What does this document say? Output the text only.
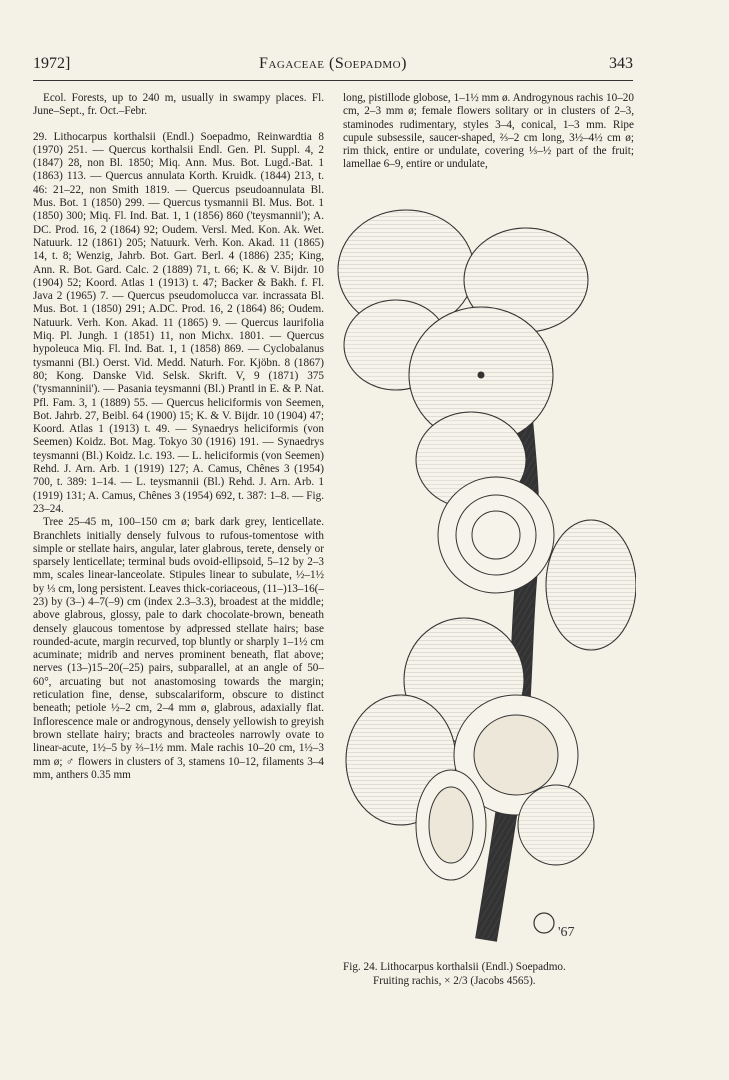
1972]	Fagaceae (Soepadmo)	343

Ecol. Forests, up to 240 m, usually in swampy places. Fl. June–Sept., fr. Oct.–Febr.

29. Lithocarpus korthalsii (Endl.) Soepadmo, Reinwardtia 8 (1970) 251. — Quercus korthalsii Endl. Gen. Pl. Suppl. 4, 2 (1847) 28, non Bl. 1850; Miq. Ann. Mus. Bot. Lugd.-Bat. 1 (1863) 113. — Quercus annulata Korth. Kruidk. (1844) 213, t. 46: 21–22, non Smith 1819. — Quercus pseudoannulata Bl. Mus. Bot. 1 (1850) 299. — Quercus tysmannii Bl. Mus. Bot. 1 (1850) 300; Miq. Fl. Ind. Bat. 1, 1 (1856) 860 ('teysmannii'); A. DC. Prod. 16, 2 (1864) 92; Oudem. Versl. Med. Kon. Ak. Wet. Natuurk. 12 (1861) 205; Natuurk. Verh. Kon. Akad. 11 (1865) 14, t. 8; Wenzig, Jahrb. Bot. Gart. Berl. 4 (1886) 235; King, Ann. R. Bot. Gard. Calc. 2 (1889) 71, t. 66; K. & V. Bijdr. 10 (1904) 52; Koord. Atlas 1 (1913) t. 47; Backer & Bakh. f. Fl. Java 2 (1965) 7. — Quercus pseudomolucca var. incrassata Bl. Mus. Bot. 1 (1850) 291; A.DC. Prod. 16, 2 (1864) 86; Oudem. Natuurk. Verh. Kon. Akad. 11 (1865) 9. — Quercus laurifolia Miq. Pl. Jungh. 1 (1851) 11, non Michx. 1801. — Quercus hypoleuca Miq. Fl. Ind. Bat. 1, 1 (1858) 869. — Cyclobalanus tysmanni (Bl.) Oerst. Vid. Medd. Naturh. For. Kjöbn. 8 (1867) 80; Kong. Danske Vid. Selsk. Skrift. V, 9 (1871) 375 ('tysmanninii'). — Pasania teysmanni (Bl.) Prantl in E. & P. Nat. Pfl. Fam. 3, 1 (1889) 55. — Quercus heliciformis von Seemen, Bot. Jahrb. 27, Beibl. 64 (1900) 15; K. & V. Bijdr. 10 (1904) 47; Koord. Atlas 1 (1913) t. 49. — Synaedrys heliciformis (von Seemen) Koidz. Bot. Mag. Tokyo 30 (1916) 191. — Synaedrys teysmanni (Bl.) Koidz. l.c. 193. — L. heliciformis (von Seemen) Rehd. J. Arn. Arb. 1 (1919) 127; A. Camus, Chênes 3 (1954) 700, t. 389: 1–14. — L. teysmannii (Bl.) Rehd. J. Arn. Arb. 1 (1919) 131; A. Camus, Chênes 3 (1954) 692, t. 387: 1–8. — Fig. 23–24.

Tree 25–45 m, 100–150 cm ø; bark dark grey, lenticellate. Branchlets initially densely fulvous to rufous-tomentose with simple or stellate hairs, angular, later glabrous, terete, densely or sparsely lenticellate; terminal buds ovoid-ellipsoid, 5–12 by 2–3 mm, scales linear-lanceolate. Stipules linear to subulate, ½–1½ by ⅓ cm, long persistent. Leaves thick-coriaceous, (11–)13–16(–23) by (3–) 4–7(–9) cm (index 2.3–3.3), broadest at the middle; above glabrous, glossy, pale to dark chocolate-brown, beneath densely glaucous tomentose by adpressed stellate hairs; base rounded-acute, margin recurved, top bluntly or sharply 1–1½ cm acuminate; midrib and nerves prominent beneath, flat above; nerves (13–)15–20(–25) pairs, subparallel, at an angle of 50–60°, arcuating but not anastomosing towards the margin; reticulation fine, dense, subscalariform, obscure to distinct beneath; petiole ½–2 cm, 2–4 mm ø, glabrous, adaxially flat. Inflorescence male or androgynous, densely yellowish to greyish brown stellate hairy; bracts and bracteoles narrowly ovate to linear-acute, 1½–5 by ⅔–1½ mm. Male rachis 10–20 cm, 1½–3 mm ø; ♂ flowers in clusters of 3, stamens 10–12, filaments 3–4 mm, anthers 0.35 mm

long, pistillode globose, 1–1½ mm ø. Androgynous rachis 10–20 cm, 2–3 mm ø; female flowers solitary or in clusters of 2–3, staminodes rudimentary, styles 3–4, conical, 1–3 mm. Ripe cupule subsessile, saucer-shaped, ⅔–2 cm long, 3½–4½ cm ø; rim thick, entire or undulate, covering ⅓–½ part of the fruit; lamellae 6–9, entire or undulate,

'67

Fig. 24. Lithocarpus korthalsii (Endl.) Soepadmo.

Fruiting rachis, × 2/3 (Jacobs 4565).
